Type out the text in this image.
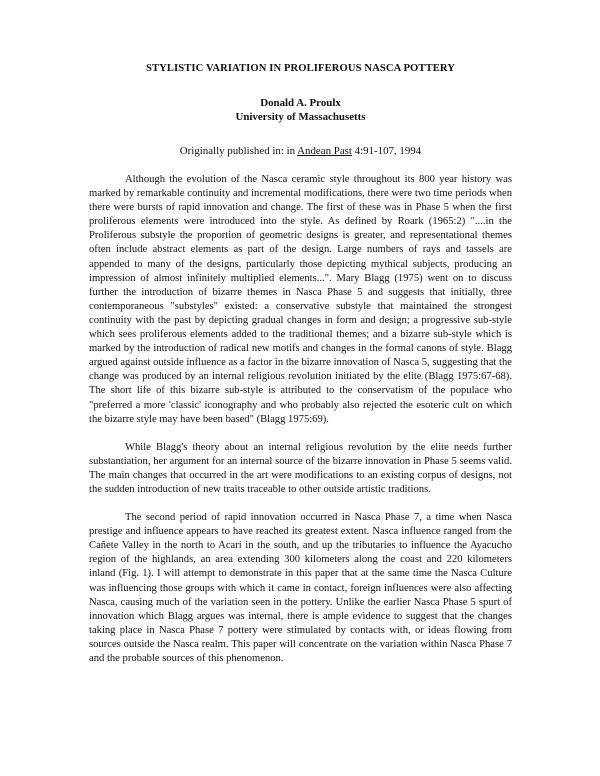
STYLISTIC VARIATION IN PROLIFEROUS NASCA POTTERY

Donald A. Proulx

University of Massachusetts

Originally published in: in Andean Past 4:91-107, 1994

Although the evolution of the Nasca ceramic style throughout its 800 year history was marked by remarkable continuity and incremental modifications, there were two time periods when there were bursts of rapid innovation and change. The first of these was in Phase 5 when the first proliferous elements were introduced into the style. As defined by Roark (1965:2) "....in the Proliferous substyle the proportion of geometric designs is greater, and representational themes often include abstract elements as part of the design. Large numbers of rays and tassels are appended to many of the designs, particularly those depicting mythical subjects, producing an impression of almost infinitely multiplied elements...". Mary Blagg (1975) went on to discuss further the introduction of bizarre themes in Nasca Phase 5 and suggests that initially, three contemporaneous "substyles" existed: a conservative substyle that maintained the strongest continuity with the past by depicting gradual changes in form and design; a progressive sub-style which sees proliferous elements added to the traditional themes; and a bizarre sub-style which is marked by the introduction of radical new motifs and changes in the formal canons of style. Blagg argued against outside influence as a factor in the bizarre innovation of Nasca 5, suggesting that the change was produced by an internal religious revolution initiated by the elite (Blagg 1975:67-68). The short life of this bizarre sub-style is attributed to the conservatism of the populace who "preferred a more 'classic' iconography and who probably also rejected the esoteric cult on which the bizarre style may have been based" (Blagg 1975:69).

While Blagg's theory about an internal religious revolution by the elite needs further substantiation, her argument for an internal source of the bizarre innovation in Phase 5 seems valid. The main changes that occurred in the art were modifications to an existing corpus of designs, not the sudden introduction of new traits traceable to other outside artistic traditions.

The second period of rapid innovation occurred in Nasca Phase 7, a time when Nasca prestige and influence appears to have reached its greatest extent. Nasca influence ranged from the Cañete Valley in the north to Acarí in the south, and up the tributaries to influence the Ayacucho region of the highlands, an area extending 300 kilometers along the coast and 220 kilometers inland (Fig. 1). I will attempt to demonstrate in this paper that at the same time the Nasca Culture was influencing those groups with which it came in contact, foreign influences were also affecting Nasca, causing much of the variation seen in the pottery. Unlike the earlier Nasca Phase 5 spurt of innovation which Blagg argues was internal, there is ample evidence to suggest that the changes taking place in Nasca Phase 7 pottery were stimulated by contacts with, or ideas flowing from sources outside the Nasca realm. This paper will concentrate on the variation within Nasca Phase 7 and the probable sources of this phenomenon.
